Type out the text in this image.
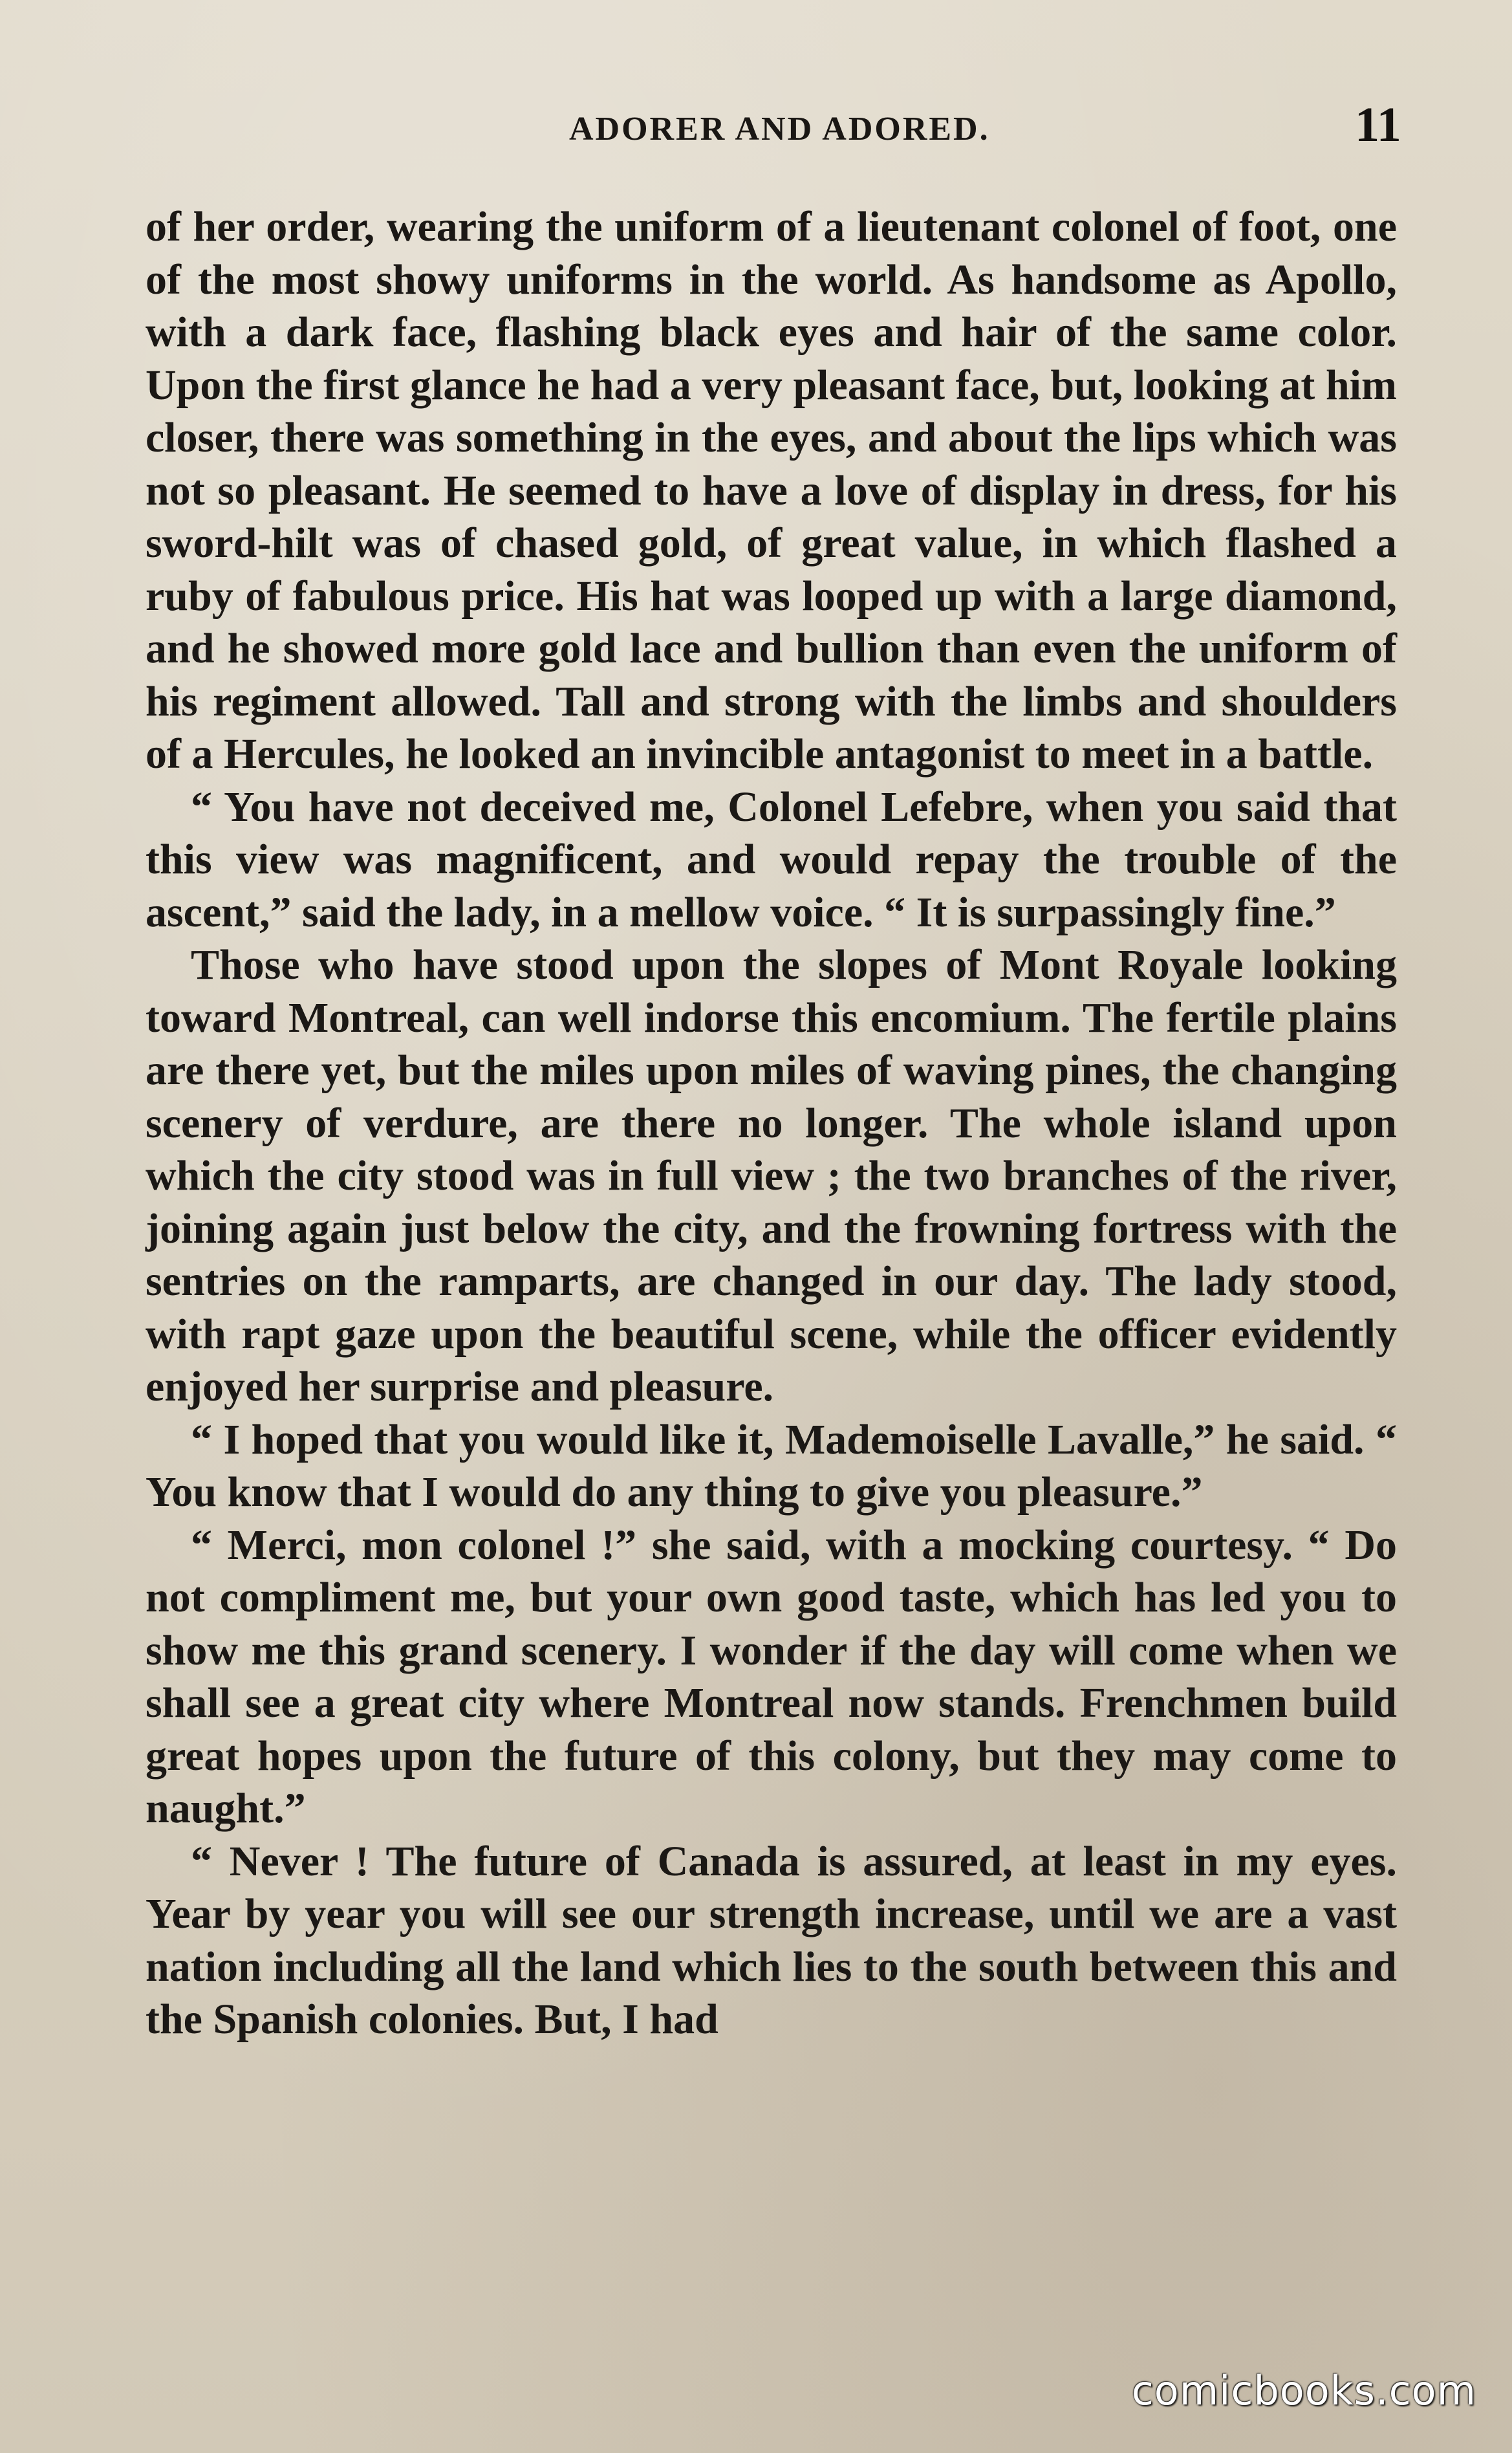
ADORER AND ADORED.	11

of her order, wearing the uniform of a lieutenant colonel of foot, one of the most showy uniforms in the world. As handsome as Apollo, with a dark face, flashing black eyes and hair of the same color. Upon the first glance he had a very pleasant face, but, looking at him closer, there was something in the eyes, and about the lips which was not so pleasant. He seemed to have a love of display in dress, for his sword-hilt was of chased gold, of great value, in which flashed a ruby of fabulous price. His hat was looped up with a large diamond, and he showed more gold lace and bullion than even the uniform of his regiment allowed. Tall and strong with the limbs and shoulders of a Hercules, he looked an invincible antagonist to meet in a battle.

“ You have not deceived me, Colonel Lefebre, when you said that this view was magnificent, and would repay the trouble of the ascent,” said the lady, in a mellow voice. “ It is surpassingly fine.”

Those who have stood upon the slopes of Mont Royale looking toward Montreal, can well indorse this encomium. The fertile plains are there yet, but the miles upon miles of waving pines, the changing scenery of verdure, are there no longer. The whole island upon which the city stood was in full view ; the two branches of the river, joining again just below the city, and the frowning fortress with the sentries on the ramparts, are changed in our day. The lady stood, with rapt gaze upon the beautiful scene, while the officer evidently enjoyed her surprise and pleasure.

“ I hoped that you would like it, Mademoiselle Lavalle,” he said. “ You know that I would do any thing to give you pleasure.”

“ Merci, mon colonel !” she said, with a mocking courtesy. “ Do not compliment me, but your own good taste, which has led you to show me this grand scenery. I wonder if the day will come when we shall see a great city where Montreal now stands. Frenchmen build great hopes upon the future of this colony, but they may come to naught.”

“ Never ! The future of Canada is assured, at least in my eyes. Year by year you will see our strength increase, until we are a vast nation including all the land which lies to the south between this and the Spanish colonies. But, I had

comicbooks.com
